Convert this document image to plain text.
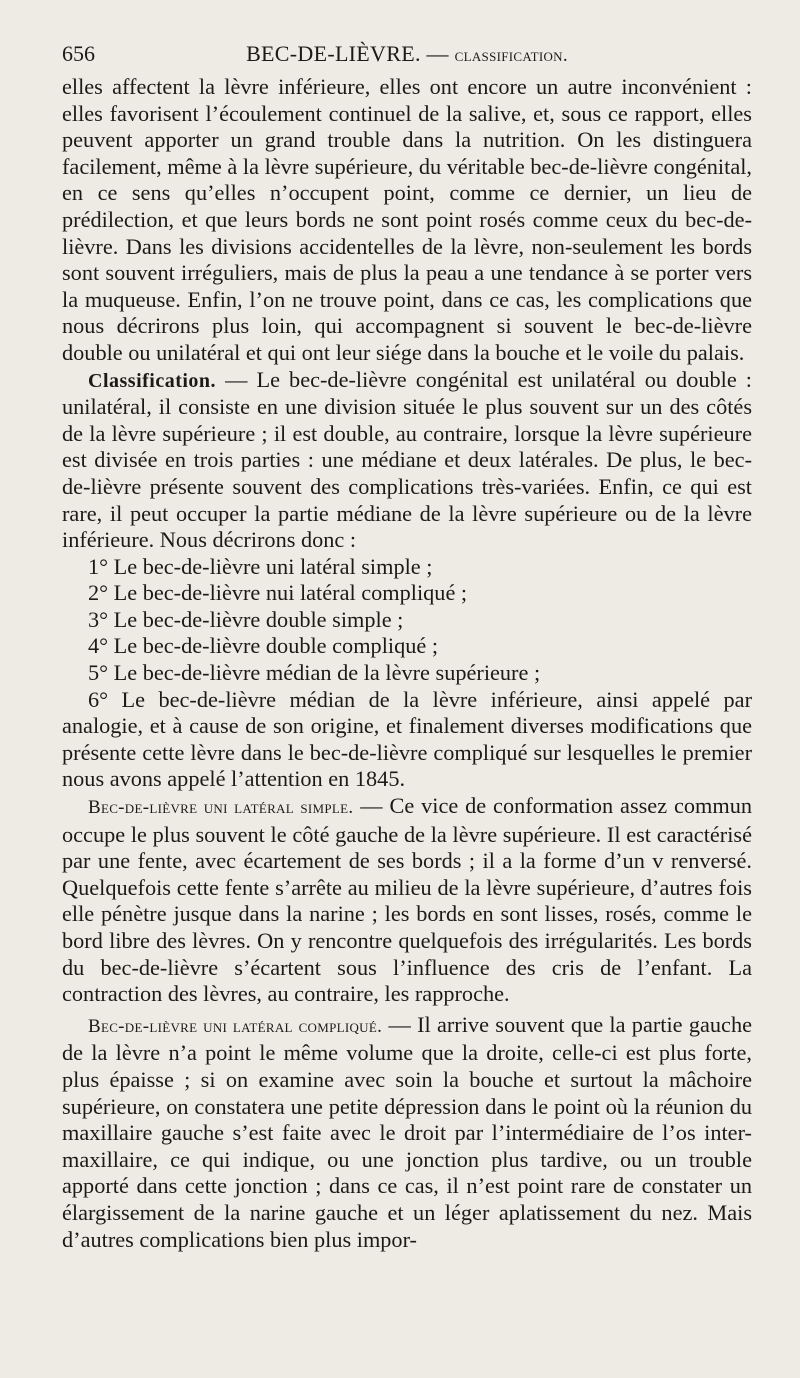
656	BEC-DE-LIÈVRE. — classification.

elles affectent la lèvre inférieure, elles ont encore un autre inconvénient : elles favorisent l’écoulement continuel de la salive, et, sous ce rapport, elles peuvent apporter un grand trouble dans la nutrition. On les distinguera facilement, même à la lèvre supérieure, du véritable bec-de-lièvre congénital, en ce sens qu’elles n’occupent point, comme ce dernier, un lieu de prédilection, et que leurs bords ne sont point rosés comme ceux du bec-de-lièvre. Dans les divisions accidentelles de la lèvre, non-seulement les bords sont souvent irréguliers, mais de plus la peau a une tendance à se porter vers la muqueuse. Enfin, l’on ne trouve point, dans ce cas, les complications que nous décrirons plus loin, qui accompagnent si souvent le bec-de-lièvre double ou unilatéral et qui ont leur siége dans la bouche et le voile du palais.

Classification. — Le bec-de-lièvre congénital est unilatéral ou double : unilatéral, il consiste en une division située le plus souvent sur un des côtés de la lèvre supérieure ; il est double, au contraire, lorsque la lèvre supérieure est divisée en trois parties : une médiane et deux latérales. De plus, le bec-de-lièvre présente souvent des complications très-variées. Enfin, ce qui est rare, il peut occuper la partie médiane de la lèvre supérieure ou de la lèvre inférieure. Nous décrirons donc :

1° Le bec-de-lièvre uni latéral simple ;
2° Le bec-de-lièvre nui latéral compliqué ;
3° Le bec-de-lièvre double simple ;
4° Le bec-de-lièvre double compliqué ;
5° Le bec-de-lièvre médian de la lèvre supérieure ;

6° Le bec-de-lièvre médian de la lèvre inférieure, ainsi appelé par analogie, et à cause de son origine, et finalement diverses modifications que présente cette lèvre dans le bec-de-lièvre compliqué sur lesquelles le premier nous avons appelé l’attention en 1845.

Bec-de-lièvre uni latéral simple. — Ce vice de conformation assez commun occupe le plus souvent le côté gauche de la lèvre supérieure. Il est caractérisé par une fente, avec écartement de ses bords ; il a la forme d’un v renversé. Quelquefois cette fente s’arrête au milieu de la lèvre supérieure, d’autres fois elle pénètre jusque dans la narine ; les bords en sont lisses, rosés, comme le bord libre des lèvres. On y rencontre quelquefois des irrégularités. Les bords du bec-de-lièvre s’écartent sous l’influence des cris de l’enfant. La contraction des lèvres, au contraire, les rapproche.

Bec-de-lièvre uni latéral compliqué. — Il arrive souvent que la partie gauche de la lèvre n’a point le même volume que la droite, celle-ci est plus forte, plus épaisse ; si on examine avec soin la bouche et surtout la mâchoire supérieure, on constatera une petite dépression dans le point où la réunion du maxillaire gauche s’est faite avec le droit par l’intermédiaire de l’os inter-maxillaire, ce qui indique, ou une jonction plus tardive, ou un trouble apporté dans cette jonction ; dans ce cas, il n’est point rare de constater un élargissement de la narine gauche et un léger aplatissement du nez. Mais d’autres complications bien plus impor-
